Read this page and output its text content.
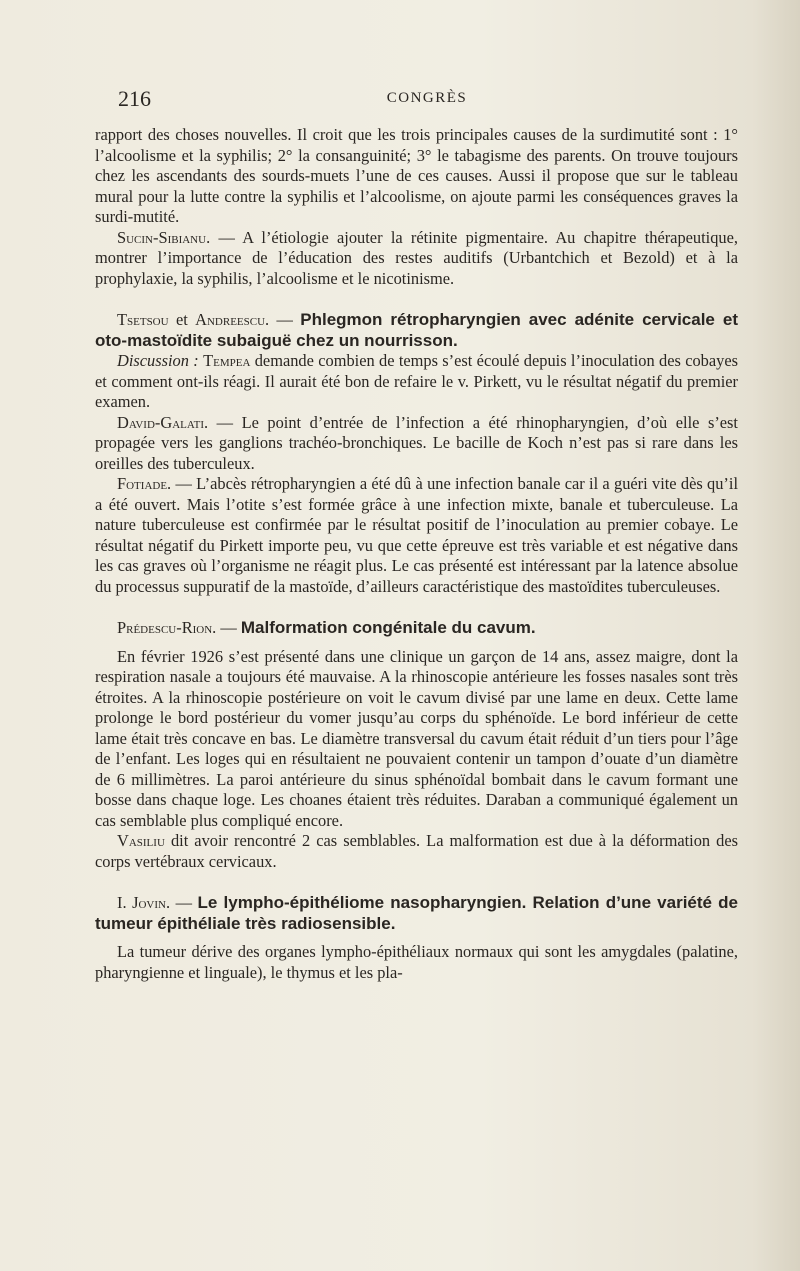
216	CONGRÈS

rapport des choses nouvelles. Il croit que les trois principales causes de la surdimutité sont : 1° l’alcoolisme et la syphilis; 2° la consanguinité; 3° le tabagisme des parents. On trouve toujours chez les ascendants des sourds-muets l’une de ces causes. Aussi il propose que sur le tableau mural pour la lutte contre la syphilis et l’alcoolisme, on ajoute parmi les conséquences graves la surdi-mutité.

Sucin-Sibianu. — A l’étiologie ajouter la rétinite pigmentaire. Au chapitre thérapeutique, montrer l’importance de l’éducation des restes auditifs (Urbantchich et Bezold) et à la prophylaxie, la syphilis, l’alcoolisme et le nicotinisme.

Tsetsou et Andreescu. — Phlegmon rétropharyngien avec adénite cervicale et oto-mastoïdite subaiguë chez un nourrisson.

Discussion : Tempea demande combien de temps s’est écoulé depuis l’inoculation des cobayes et comment ont-ils réagi. Il aurait été bon de refaire le v. Pirkett, vu le résultat négatif du premier examen.

David-Galati. — Le point d’entrée de l’infection a été rhinopharyngien, d’où elle s’est propagée vers les ganglions trachéo-bronchiques. Le bacille de Koch n’est pas si rare dans les oreilles des tuberculeux.

Fotiade. — L’abcès rétropharyngien a été dû à une infection banale car il a guéri vite dès qu’il a été ouvert. Mais l’otite s’est formée grâce à une infection mixte, banale et tuberculeuse. La nature tuberculeuse est confirmée par le résultat positif de l’inoculation au premier cobaye. Le résultat négatif du Pirkett importe peu, vu que cette épreuve est très variable et est négative dans les cas graves où l’organisme ne réagit plus. Le cas présenté est intéressant par la latence absolue du processus suppuratif de la mastoïde, d’ailleurs caractéristique des mastoïdites tuberculeuses.

Prédescu-Rion. — Malformation congénitale du cavum.

En février 1926 s’est présenté dans une clinique un garçon de 14 ans, assez maigre, dont la respiration nasale a toujours été mauvaise. A la rhinoscopie antérieure les fosses nasales sont très étroites. A la rhinoscopie postérieure on voit le cavum divisé par une lame en deux. Cette lame prolonge le bord postérieur du vomer jusqu’au corps du sphénoïde. Le bord inférieur de cette lame était très concave en bas. Le diamètre transversal du cavum était réduit d’un tiers pour l’âge de l’enfant. Les loges qui en résultaient ne pouvaient contenir un tampon d’ouate d’un diamètre de 6 millimètres. La paroi antérieure du sinus sphénoïdal bombait dans le cavum formant une bosse dans chaque loge. Les choanes étaient très réduites. Daraban a communiqué également un cas semblable plus compliqué encore.

Vasiliu dit avoir rencontré 2 cas semblables. La malformation est due à la déformation des corps vertébraux cervicaux.

I. Jovin. — Le lympho-épithéliome nasopharyngien. Relation d’une variété de tumeur épithéliale très radiosensible.

La tumeur dérive des organes lympho-épithéliaux normaux qui sont les amygdales (palatine, pharyngienne et linguale), le thymus et les pla-
